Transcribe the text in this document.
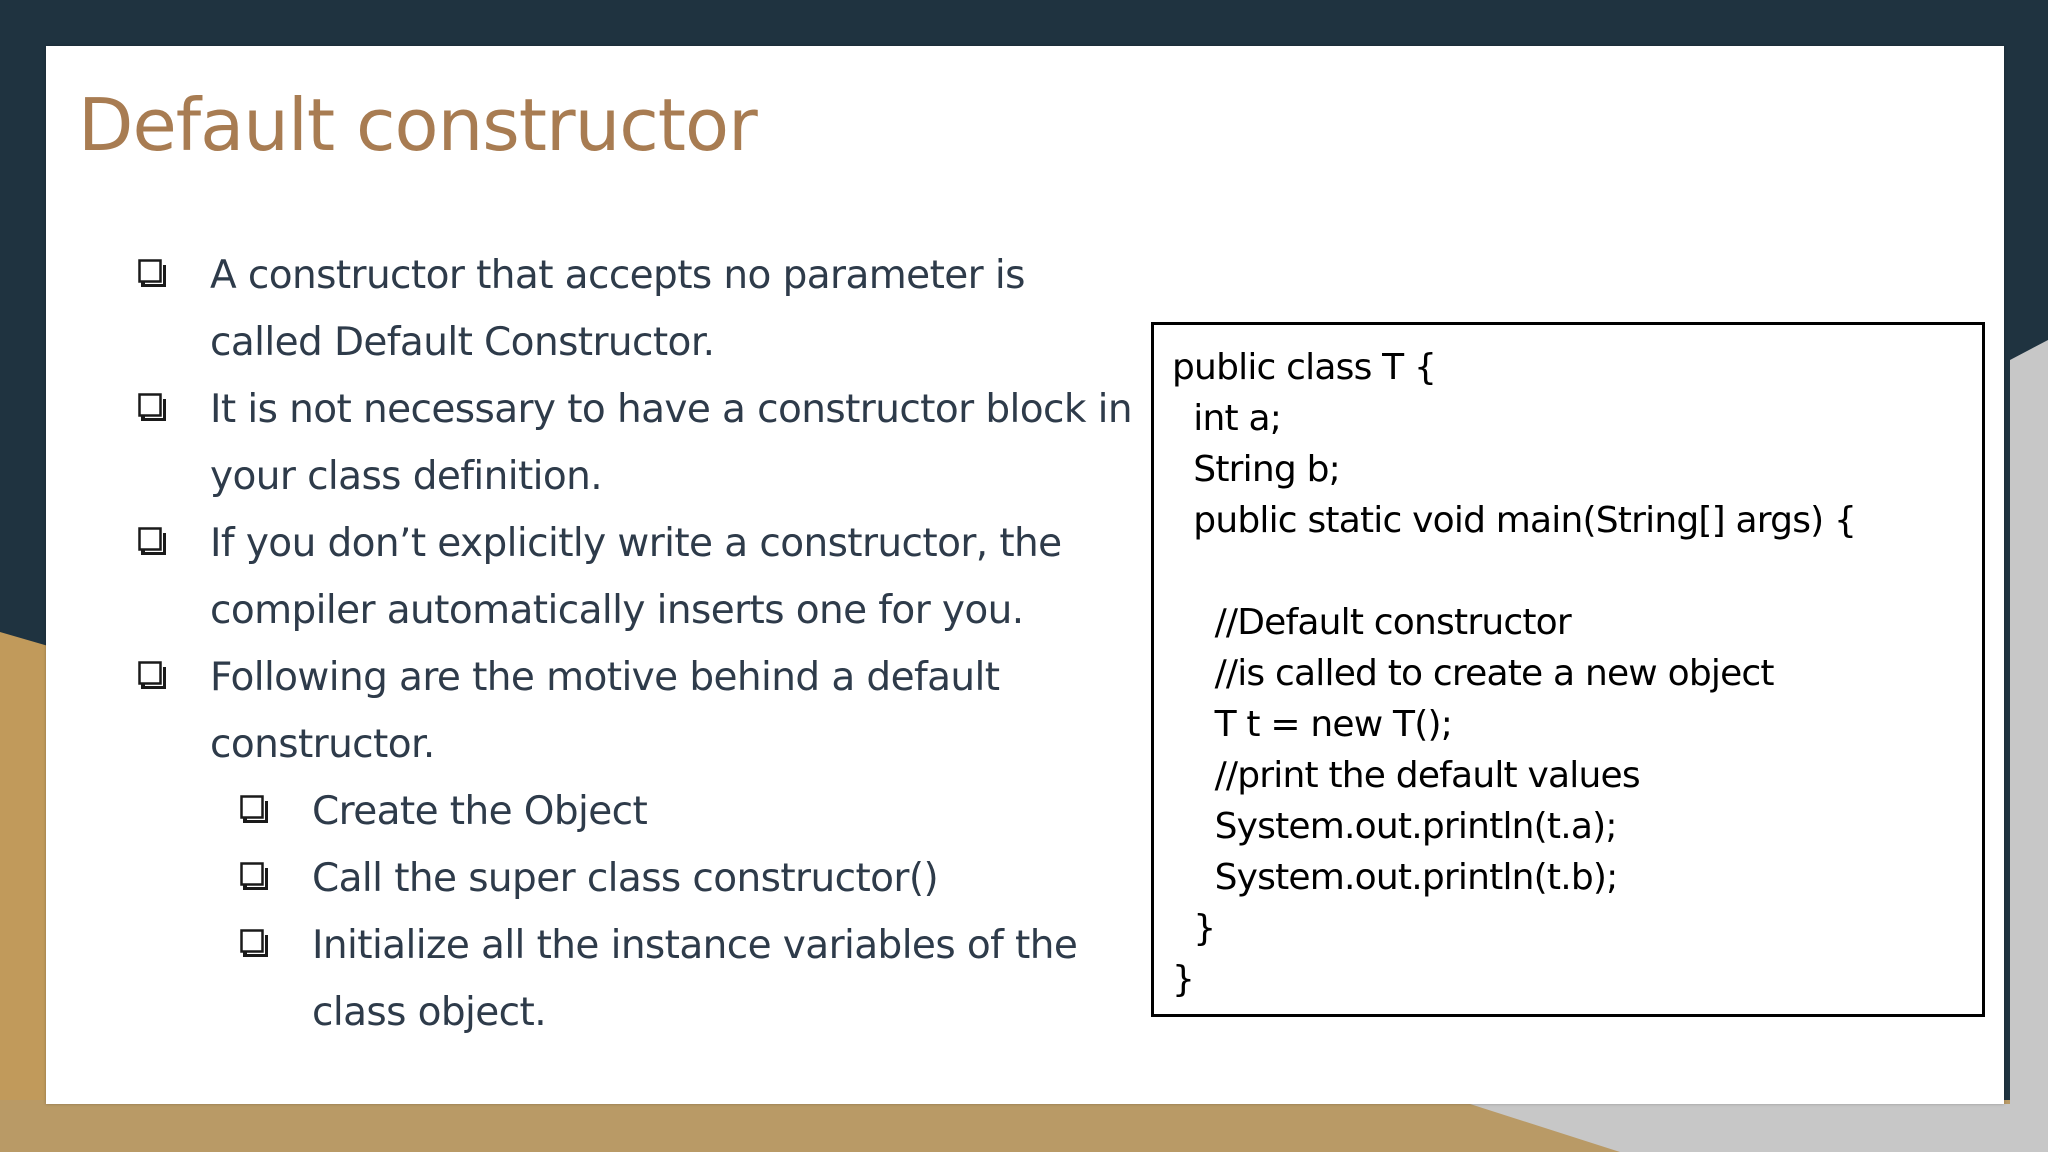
Default constructor
A constructor that accepts no parameter is called Default Constructor.
It is not necessary to have a constructor block in your class definition.
If you don’t explicitly write a constructor, the compiler automatically inserts one for you.
Following are the motive behind a default constructor.
Create the Object
Call the super class constructor()
Initialize all the instance variables of the class object.
public class T {
int a;
String b;
public static void main(String[] args) {

//Default constructor
//is called to create a new object
T t = new T();
//print the default values
System.out.println(t.a);
System.out.println(t.b);
}
}
